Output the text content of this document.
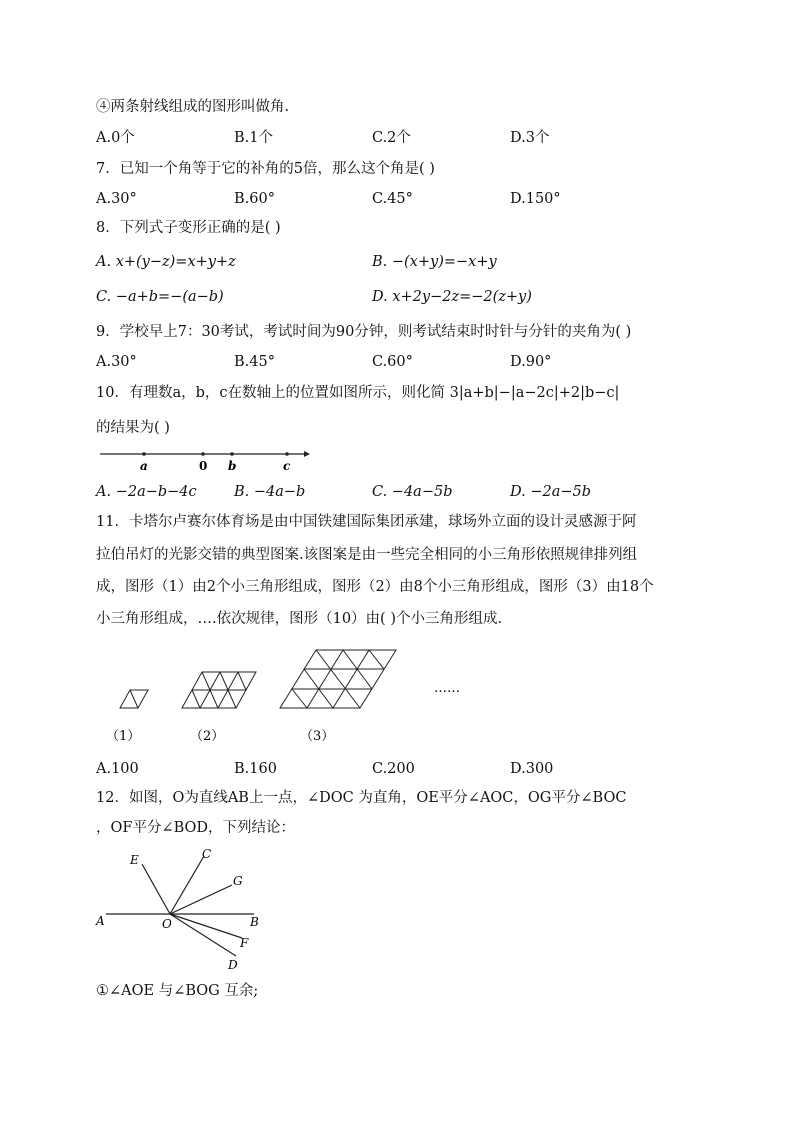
④两条射线组成的图形叫做角.
A.0个	B.1个	C.2个	D.3个
7．已知一个角等于它的补角的5倍，那么这个角是( )
A.30°	B.60°	C.45°	D.150°
8．下列式子变形正确的是( )
A. x+(y−z)=x+y+z	B. −(x+y)=−x+y
C. −a+b=−(a−b)	D. x+2y−2z=−2(z+y)
9．学校早上7：30考试，考试时间为90分钟，则考试结束时时针与分针的夹角为( )
A.30°	B.45°	C.60°	D.90°
10．有理数a，b，c在数轴上的位置如图所示，则化简 3|a+b|−|a−2c|+2|b−c|
的结果为( )
a	0 b	c
A. −2a−b−4c	B. −4a−b	C. −4a−5b	D. −2a−5b
11．卡塔尔卢赛尔体育场是由中国铁建国际集团承建，球场外立面的设计灵感源于阿
拉伯吊灯的光影交错的典型图案.该图案是由一些完全相同的小三角形依照规律排列组
成，图形（1）由2个小三角形组成，图形（2）由8个小三角形组成，图形（3）由18个
小三角形组成，….依次规律，图形（10）由( )个小三角形组成.
……
（1）	（2）	（3）
A.100	B.160	C.200	D.300
12．如图，O为直线AB上一点，∠DOC 为直角，OE平分∠AOC，OG平分∠BOC
，OF平分∠BOD，下列结论：
E	C
G
A	O	B
F
D
①∠AOE 与∠BOG 互余;
